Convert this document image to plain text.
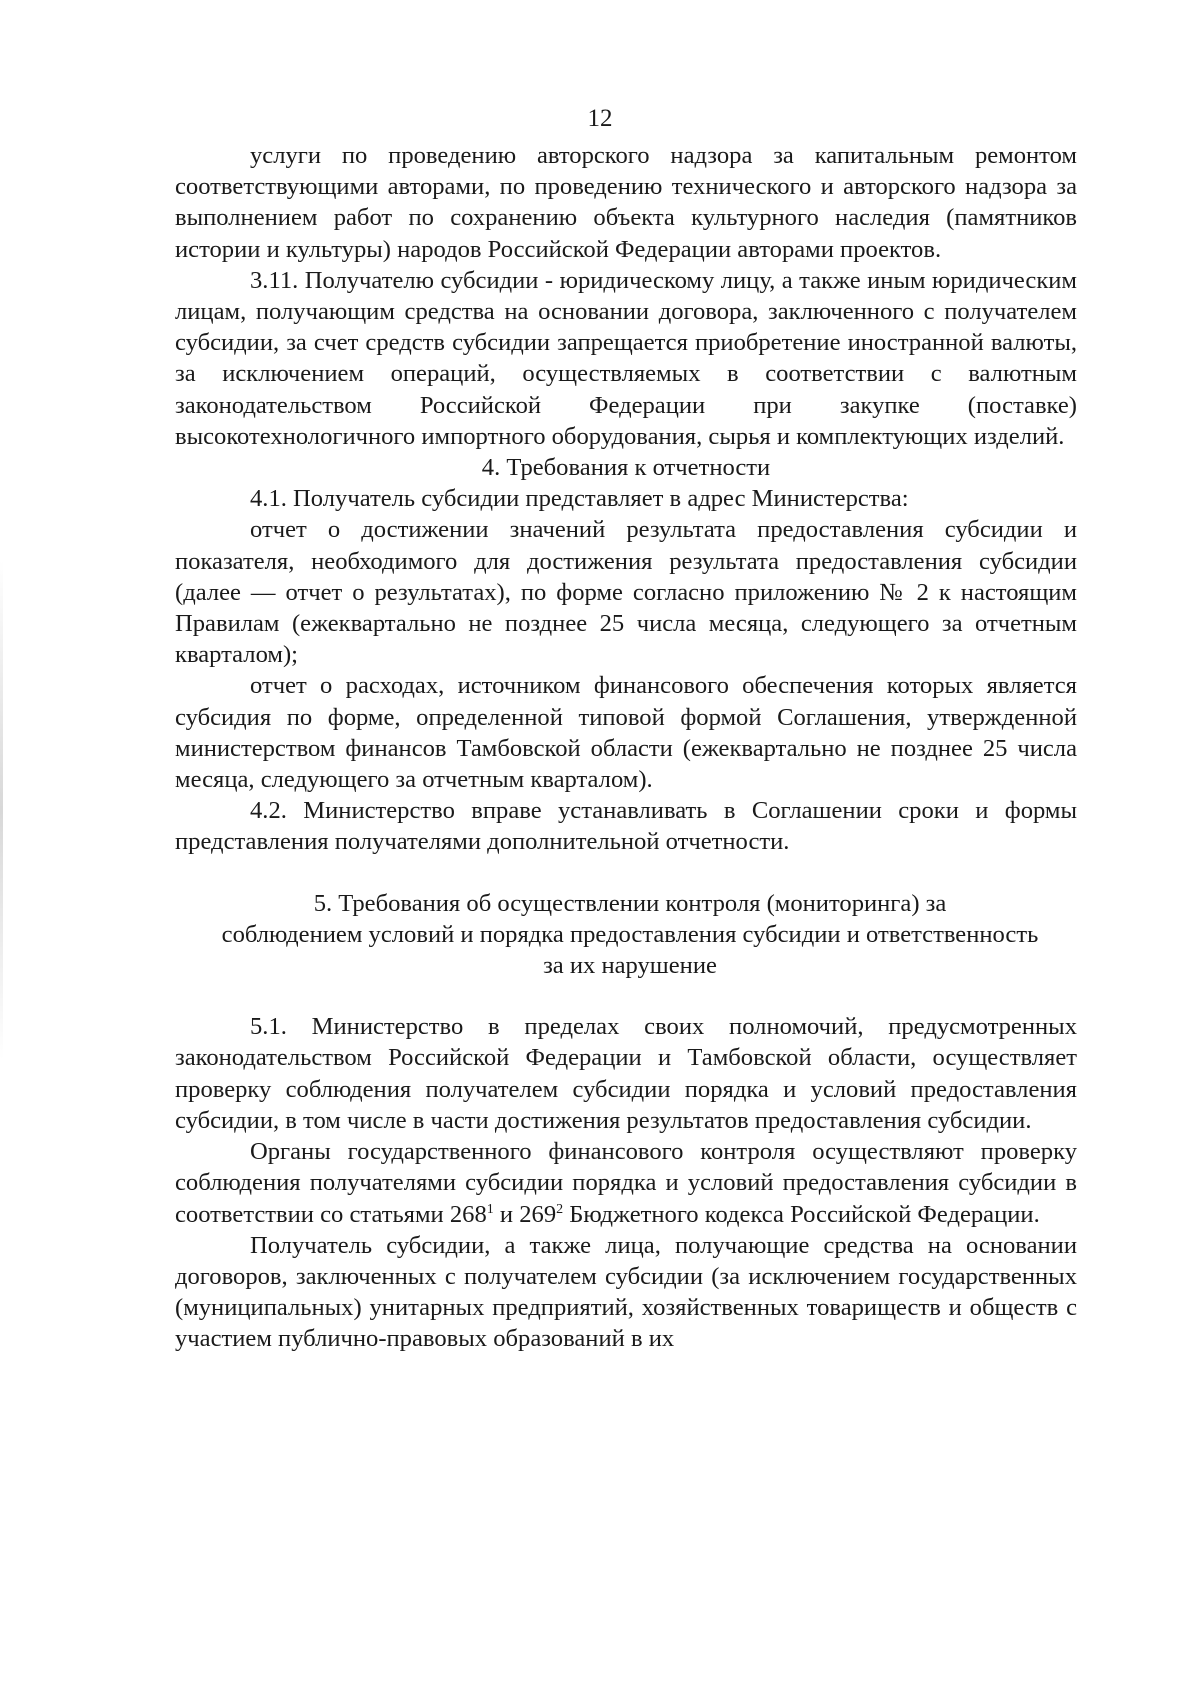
12

услуги по проведению авторского надзора за капитальным ремонтом соответствующими авторами, по проведению технического и авторского надзора за выполнением работ по сохранению объекта культурного наследия (памятников истории и культуры) народов Российской Федерации авторами проектов.

3.11. Получателю субсидии - юридическому лицу, а также иным юридическим лицам, получающим средства на основании договора, заключенного с получателем субсидии, за счет средств субсидии запрещается приобретение иностранной валюты, за исключением операций, осуществляемых в соответствии с валютным законодательством Российской Федерации при закупке (поставке) высокотехнологичного импортного оборудования, сырья и комплектующих изделий.

4. Требования к отчетности

4.1. Получатель субсидии представляет в адрес Министерства:

отчет о достижении значений результата предоставления субсидии и показателя, необходимого для достижения результата предоставления субсидии (далее — отчет о результатах), по форме согласно приложению № 2 к настоящим Правилам (ежеквартально не позднее 25 числа месяца, следующего за отчетным кварталом);

отчет о расходах, источником финансового обеспечения которых является субсидия по форме, определенной типовой формой Соглашения, утвержденной министерством финансов Тамбовской области (ежеквартально не позднее 25 числа месяца, следующего за отчетным кварталом).

4.2. Министерство вправе устанавливать в Соглашении сроки и формы представления получателями дополнительной отчетности.

5. Требования об осуществлении контроля (мониторинга) за
соблюдением условий и порядка предоставления субсидии и ответственность
за их нарушение

5.1. Министерство в пределах своих полномочий, предусмотренных законодательством Российской Федерации и Тамбовской области, осуществляет проверку соблюдения получателем субсидии порядка и условий предоставления субсидии, в том числе в части достижения результатов предоставления субсидии.

Органы государственного финансового контроля осуществляют проверку соблюдения получателями субсидии порядка и условий предоставления субсидии в соответствии со статьями $268^1$ и $269^2$ Бюджетного кодекса Российской Федерации.

Получатель субсидии, а также лица, получающие средства на основании договоров, заключенных с получателем субсидии (за исключением государственных (муниципальных) унитарных предприятий, хозяйственных товариществ и обществ с участием публично-правовых образований в их
